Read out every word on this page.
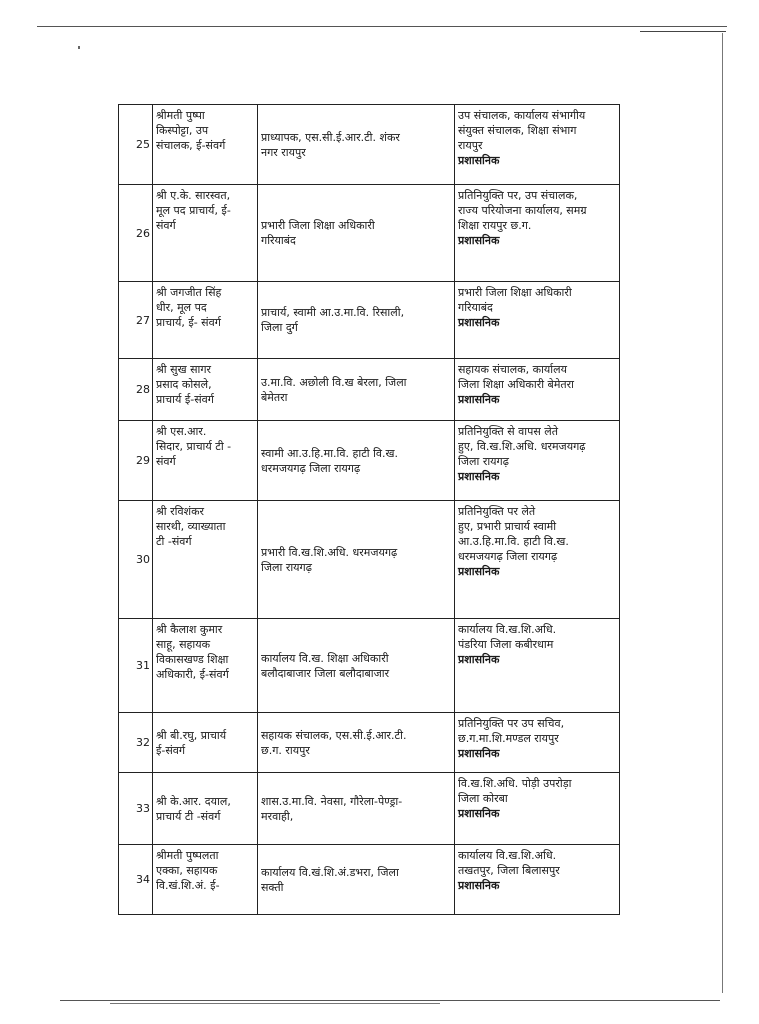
25	श्रीमती पुष्पा
किस्पोट्टा, उप
संचालक, ई-संवर्ग	प्राध्यापक, एस.सी.ई.आर.टी. शंकर
नगर रायपुर	उप संचालक, कार्यालय संभागीय
संयुक्त संचालक, शिक्षा संभाग
रायपुर
प्रशासनिक

26	श्री ए.के. सारस्वत,
मूल पद प्राचार्य, ई-
संवर्ग	प्रभारी जिला शिक्षा अधिकारी
गरियाबंद	प्रतिनियुक्ति पर, उप संचालक,
राज्य परियोजना कार्यालय, समग्र
शिक्षा रायपुर छ.ग.
प्रशासनिक

27	श्री जगजीत सिंह
धीर, मूल पद
प्राचार्य, ई- संवर्ग	प्राचार्य, स्वामी आ.उ.मा.वि. रिसाली,
जिला दुर्ग	प्रभारी जिला शिक्षा अधिकारी
गरियाबंद
प्रशासनिक

28	श्री सुख सागर
प्रसाद कोसले,
प्राचार्य ई-संवर्ग	उ.मा.वि. अछोली वि.ख बेरला, जिला
बेमेतरा	सहायक संचालक, कार्यालय
जिला शिक्षा अधिकारी बेमेतरा
प्रशासनिक

29	श्री एस.आर.
सिदार, प्राचार्य टी -
संवर्ग	स्वामी आ.उ.हि.मा.वि. हाटी वि.ख.
धरमजयगढ़ जिला रायगढ़	प्रतिनियुक्ति से वापस लेते
हुए, वि.ख.शि.अधि. धरमजयगढ़
जिला रायगढ़
प्रशासनिक

30	श्री रविशंकर
सारथी, व्याख्याता
टी -संवर्ग	प्रभारी वि.ख.शि.अधि. धरमजयगढ़
जिला रायगढ़	प्रतिनियुक्ति पर लेते
हुए, प्रभारी प्राचार्य स्वामी
आ.उ.हि.मा.वि. हाटी वि.ख.
धरमजयगढ़ जिला रायगढ़
प्रशासनिक

31	श्री कैलाश कुमार
साहू, सहायक
विकासखण्ड शिक्षा
अधिकारी, ई-संवर्ग	कार्यालय वि.ख. शिक्षा अधिकारी
बलौदाबाजार जिला बलौदाबाजार	कार्यालय वि.ख.शि.अधि.
पंडरिया जिला कबीरधाम
प्रशासनिक

32	श्री बी.रघु, प्राचार्य
ई-संवर्ग	सहायक संचालक, एस.सी.ई.आर.टी.
छ.ग. रायपुर	प्रतिनियुक्ति पर उप सचिव,
छ.ग.मा.शि.मण्डल रायपुर
प्रशासनिक

33	श्री के.आर. दयाल,
प्राचार्य टी -संवर्ग	शास.उ.मा.वि. नेवसा, गौरेला-पेण्ड्रा-
मरवाही,	वि.ख.शि.अधि. पोड़ी उपरोड़ा
जिला कोरबा
प्रशासनिक

34	श्रीमती पुष्पलता
एक्का, सहायक
वि.खं.शि.अं. ई-	कार्यालय वि.खं.शि.अं.डभरा, जिला
सक्ती	कार्यालय वि.ख.शि.अधि.
तखतपुर, जिला बिलासपुर
प्रशासनिक
